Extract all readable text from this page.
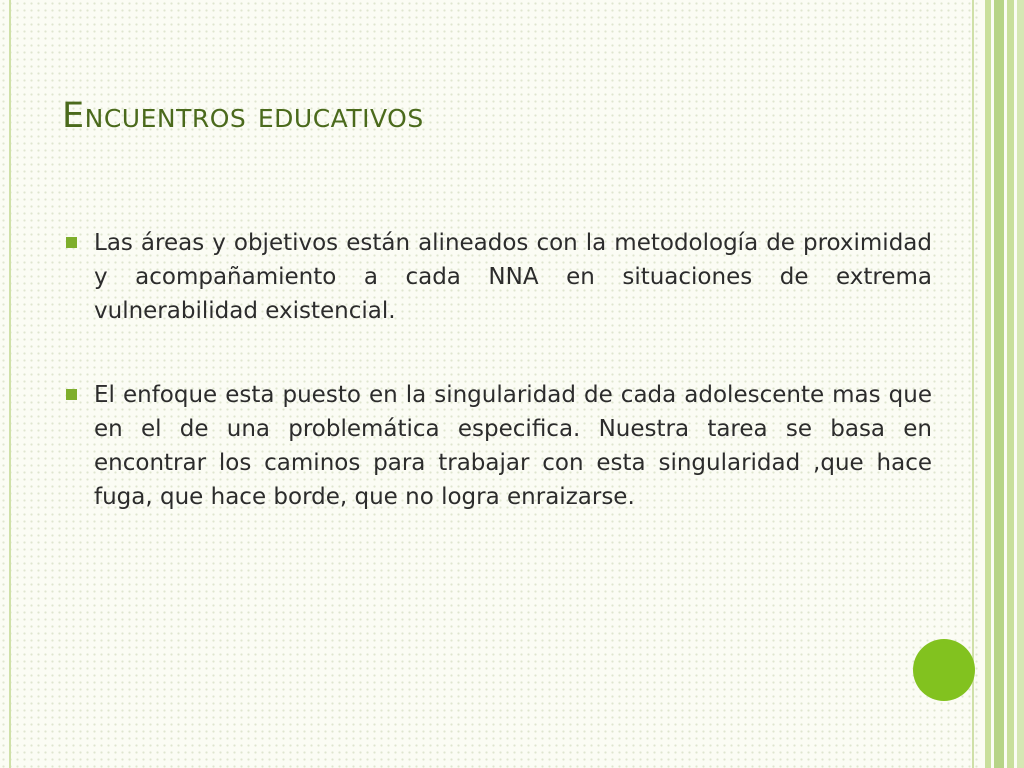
Encuentros educativos
Las áreas y objetivos están alineados con la metodología de proximidad y acompañamiento a cada NNA en situaciones de extrema vulnerabilidad existencial.
El enfoque esta puesto en la singularidad de cada adolescente mas que en el de una problemática especifica. Nuestra tarea se basa en encontrar los caminos para trabajar con esta singularidad ,que hace fuga, que hace borde, que no logra enraizarse.
